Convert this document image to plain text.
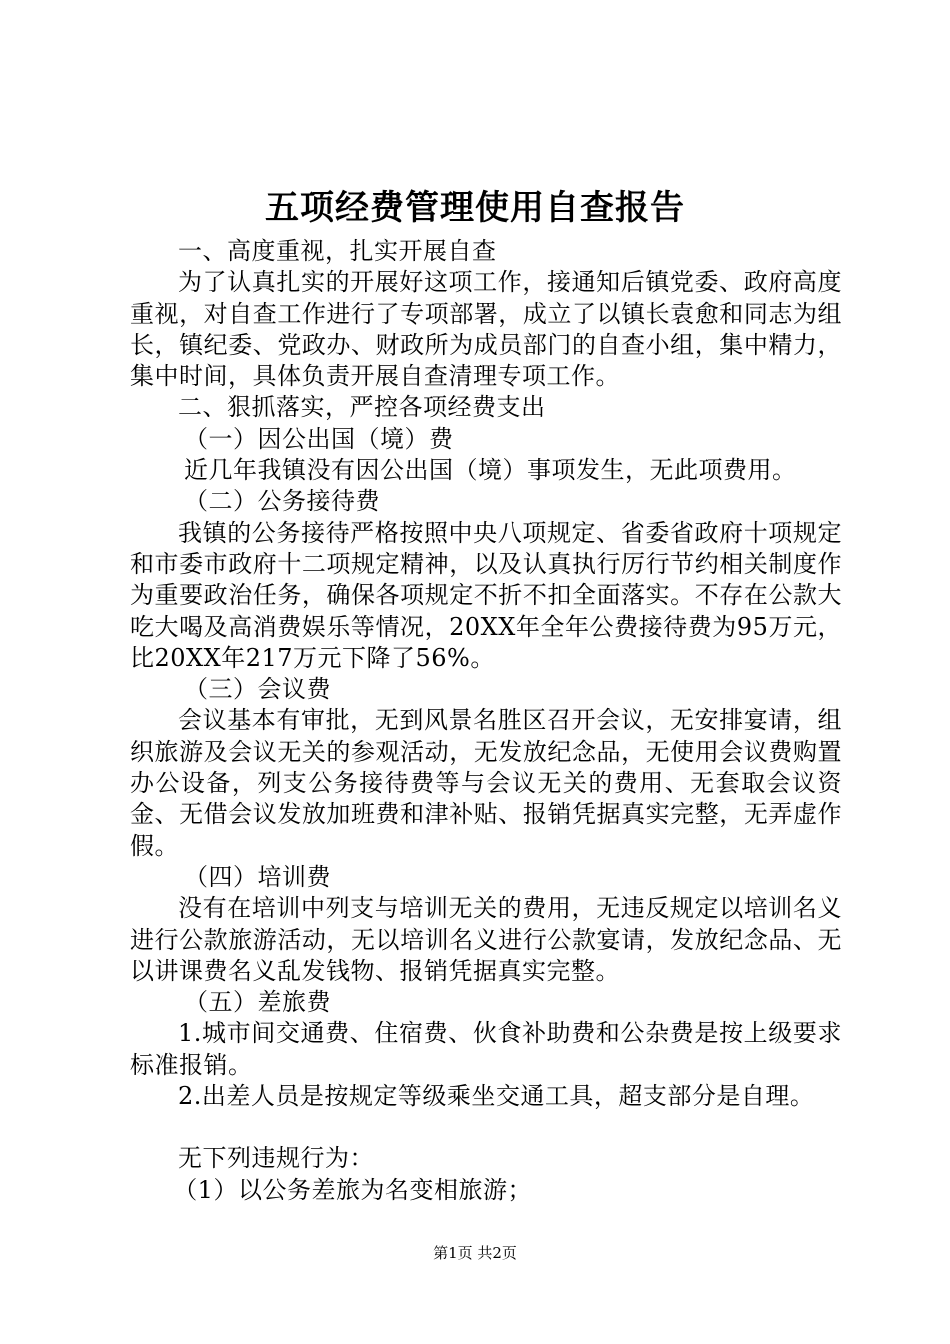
五项经费管理使用自查报告

一、高度重视，扎实开展自查

为了认真扎实的开展好这项工作，接通知后镇党委、政府高度重视，对自查工作进行了专项部署，成立了以镇长袁愈和同志为组长，镇纪委、党政办、财政所为成员部门的自查小组，集中精力，集中时间，具体负责开展自查清理专项工作。

二、狠抓落实，严控各项经费支出

（一）因公出国（境）费

近几年我镇没有因公出国（境）事项发生，无此项费用。

（二）公务接待费

我镇的公务接待严格按照中央八项规定、省委省政府十项规定和市委市政府十二项规定精神，以及认真执行厉行节约相关制度作为重要政治任务，确保各项规定不折不扣全面落实。不存在公款大吃大喝及高消费娱乐等情况，20XX年全年公费接待费为95万元，比20XX年217万元下降了56%。

（三）会议费

会议基本有审批，无到风景名胜区召开会议，无安排宴请，组织旅游及会议无关的参观活动，无发放纪念品，无使用会议费购置办公设备，列支公务接待费等与会议无关的费用、无套取会议资金、无借会议发放加班费和津补贴、报销凭据真实完整，无弄虚作假。

（四）培训费

没有在培训中列支与培训无关的费用，无违反规定以培训名义进行公款旅游活动，无以培训名义进行公款宴请，发放纪念品、无以讲课费名义乱发钱物、报销凭据真实完整。

（五）差旅费

1.城市间交通费、住宿费、伙食补助费和公杂费是按上级要求标准报销。

2.出差人员是按规定等级乘坐交通工具，超支部分是自理。

无下列违规行为：

（1）以公务差旅为名变相旅游；

第1页 共2页
